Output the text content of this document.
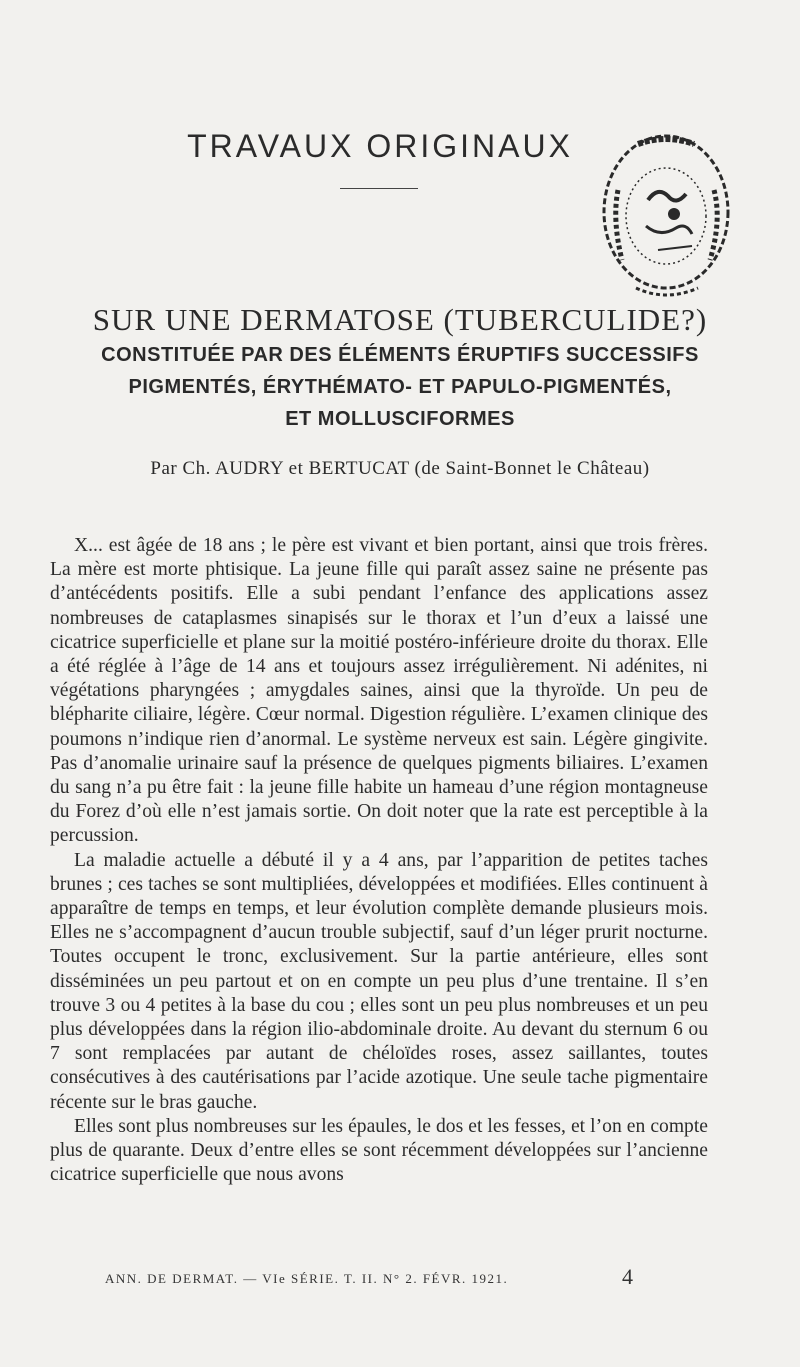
TRAVAUX ORIGINAUX
SUR UNE DERMATOSE (TUBERCULIDE?)
CONSTITUÉE PAR DES ÉLÉMENTS ÉRUPTIFS SUCCESSIFS
PIGMENTÉS, ÉRYTHÉMATO- ET PAPULO-PIGMENTÉS,
ET MOLLUSCIFORMES
Par Ch. AUDRY et BERTUCAT (de Saint-Bonnet le Château)

X... est âgée de 18 ans ; le père est vivant et bien portant, ainsi que trois frères. La mère est morte phtisique. La jeune fille qui paraît assez saine ne présente pas d’antécédents positifs. Elle a subi pendant l’enfance des applications assez nombreuses de cataplasmes sinapisés sur le thorax et l’un d’eux a laissé une cicatrice superficielle et plane sur la moitié postéro-inférieure droite du thorax. Elle a été réglée à l’âge de 14 ans et toujours assez irrégulièrement. Ni adénites, ni végétations pharyngées ; amygdales saines, ainsi que la thyroïde. Un peu de blépharite ciliaire, légère. Cœur normal. Digestion régulière. L’examen clinique des poumons n’indique rien d’anormal. Le système nerveux est sain. Légère gingivite. Pas d’anomalie urinaire sauf la présence de quelques pigments biliaires. L’examen du sang n’a pu être fait : la jeune fille habite un hameau d’une région montagneuse du Forez d’où elle n’est jamais sortie. On doit noter que la rate est perceptible à la percussion.

La maladie actuelle a débuté il y a 4 ans, par l’apparition de petites taches brunes ; ces taches se sont multipliées, développées et modifiées. Elles continuent à apparaître de temps en temps, et leur évolution complète demande plusieurs mois. Elles ne s’accompagnent d’aucun trouble subjectif, sauf d’un léger prurit nocturne. Toutes occupent le tronc, exclusivement. Sur la partie antérieure, elles sont disséminées un peu partout et on en compte un peu plus d’une trentaine. Il s’en trouve 3 ou 4 petites à la base du cou ; elles sont un peu plus nombreuses et un peu plus développées dans la région ilio-abdominale droite. Au devant du sternum 6 ou 7 sont remplacées par autant de chéloïdes roses, assez saillantes, toutes consécutives à des cautérisations par l’acide azotique. Une seule tache pigmentaire récente sur le bras gauche.

Elles sont plus nombreuses sur les épaules, le dos et les fesses, et l’on en compte plus de quarante. Deux d’entre elles se sont récemment développées sur l’ancienne cicatrice superficielle que nous avons

ANN. DE DERMAT. — VIe SÉRIE. T. II. N° 2. FÉVR. 1921.	4
